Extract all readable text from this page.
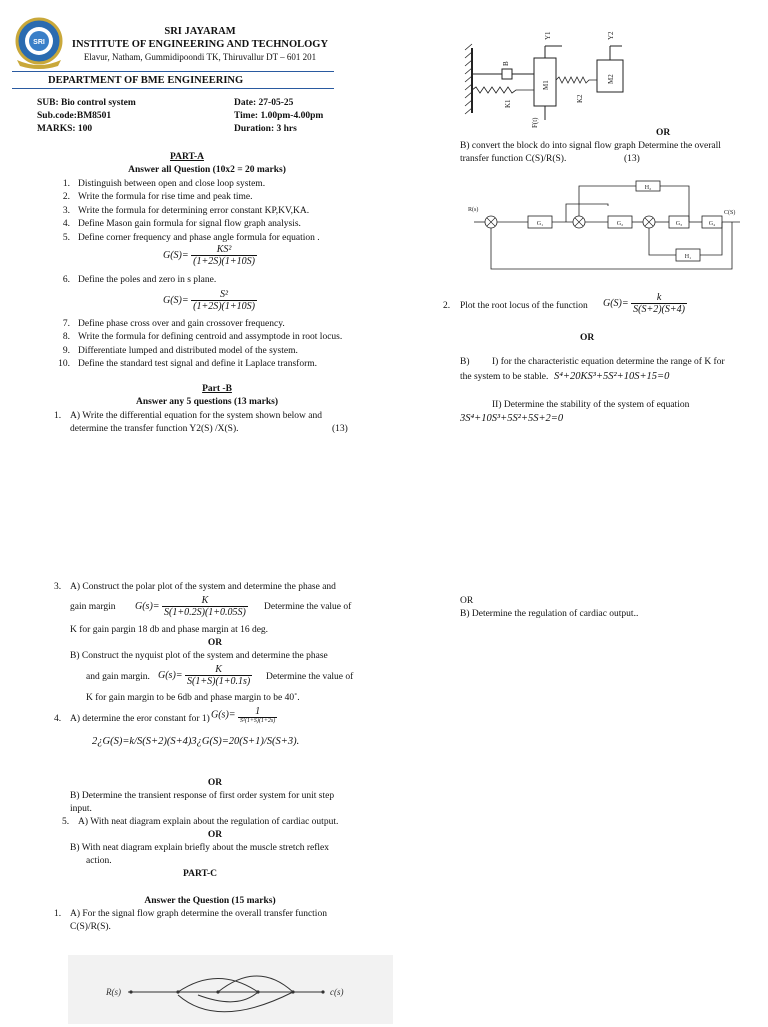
SRI
SRI JAYARAM
INSTITUTE OF ENGINEERING AND TECHNOLOGY
Elavur, Natham, Gummidipoondi TK, Thiruvallur DT – 601 201
DEPARTMENT OF BME ENGINEERING
SUB: Bio control system
Sub.code:BM8501
MARKS: 100
Date: 27-05-25
Time: 1.00pm-4.00pm
Duration: 3 hrs
PART-A
Answer all Question (10x2 = 20 marks)
1. Distinguish between open and close loop system.
2. Write the formula for rise time and peak time.
3. Write the formula for determining error constant KP,KV,KA.
4. Define Mason gain formula for signal flow graph analysis.
5. Define corner frequency and phase angle formula for equation .
$G(S)= \frac{\text{KS²}}{(1+2S)(1+10S)}$
6. Define the poles and zero in s plane.
$G(S)= \frac{\text{S²}}{(1+2S)(1+10S)}$
7. Define phase cross over and gain crossover frequency.
8. Write the formula for defining centroid and assymptode in root locus.
9. Differentiate lumped and distributed model of the system.
10. Define the standard test signal and define it Laplace transform.
Part -B
Answer any 5 questions (13 marks)
1. A) Write the differential equation for the system shown below and
determine the transfer function Y2(S) /X(S).	(13)
3. A) Construct the polar plot of the system and determine the phase and
gain margin $G(s)= \frac{K}{S(1+0.2S)(1+0.05S)}$ Determine the value of
K for gain pargin 18 db and phase margin at 16 deg.
OR
B) Construct the nyquist plot of the system and determine the phase
and gain margin. $G(s)= \frac{K}{S(1+S)(1+0.1s)}$ Determine the value of
K for gain margin to be 6db and phase margin to be 40˚.
4. A) determine the eror constant for 1) $G(s)= \frac{1}{\text{S²(1+S)(1+2s)}}$
2¿G(S)=k/S(S+2)(S+4)3¿G(S)=20(S+1)/S(S+3).
OR
B) Determine the transient response of first order system for unit step
input.
5. A) With neat diagram explain about the regulation of cardiac output.
OR
B) With neat diagram explain briefly about the muscle stretch reflex
action.
PART-C
Answer the Question (15 marks)
1. A) For the signal flow graph determine the overall transfer function
C(S)/R(S).
R(s)	c(s)
B
K1
M1
K2
M2
Y1	Y2
F(t)
OR
B) convert the block do into signal flow graph Determine the overall
transfer function C(S)/R(S).	(13)
R(s)
G₁	G₂	G₃	G₄
C(S)
H₂
H₁
2. Plot the root locus of the function $G(S)= \frac{k}{S(S+2)(S+4)}$
OR
B) I) for the characteristic equation determine the range of K for
the system to be stable. S⁴+20KS³+5S²+10S+15=0
II) Determine the stability of the system of equation
3S⁴+10S³+5S²+5S+2=0
OR
B) Determine the regulation of cardiac output..
